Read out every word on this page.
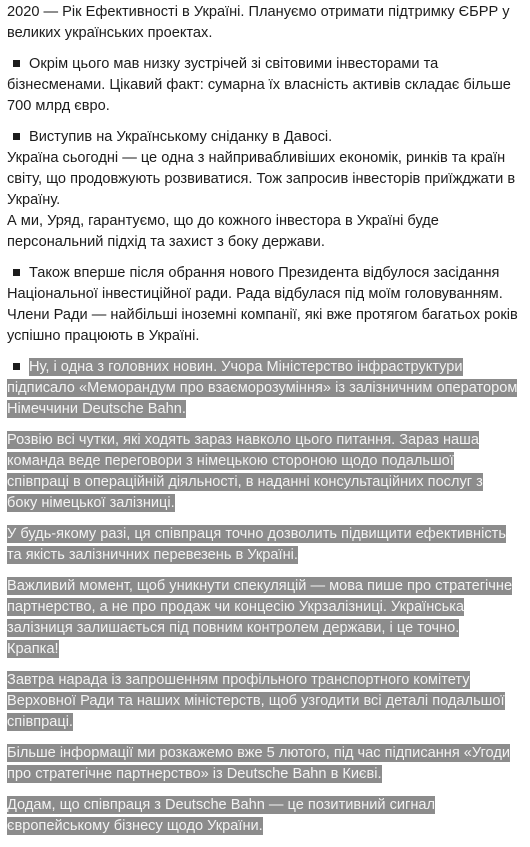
2020 — Рік Ефективності в Україні. Плануємо отримати підтримку ЄБРР у
великих українських проектах.
Окрім цього мав низку зустрічей зі світовими інвесторами та
бізнесменами. Цікавий факт: сумарна їх власність активів складає більше
700 млрд євро.
Виступив на Українському сніданку в Давосі.
Україна сьогодні — це одна з найпривабливіших економік, ринків та країн
світу, що продовжують розвиватися. Тож запросив інвесторів приїжджати в
Україну.
А ми, Уряд, гарантуємо, що до кожного інвестора в Україні буде
персональний підхід та захист з боку держави.
Також вперше після обрання нового Президента відбулося засідання
Національної інвестиційної ради. Рада відбулася під моїм головуванням.
Члени Ради — найбільші іноземні компанії, які вже протягом багатьох років
успішно працюють в Україні.
Ну, і одна з головних новин. Учора Міністерство інфраструктури
підписало «Меморандум про взаєморозуміння» із залізничним оператором
Німеччини Deutsche Bahn.
Розвію всі чутки, які ходять зараз навколо цього питання. Зараз наша
команда веде переговори з німецькою стороною щодо подальшої
співпраці в операційній діяльності, в наданні консультаційних послуг з
боку німецької залізниці.
У будь-якому разі, ця співпраця точно дозволить підвищити ефективність
та якість залізничних перевезень в Україні.
Важливий момент, щоб уникнути спекуляцій — мова пише про стратегічне
партнерство, а не про продаж чи концесію Укрзалізниці. Українська
залізниця залишається під повним контролем держави, і це точно.
Крапка!
Завтра нарада із запрошенням профільного транспортного комітету
Верховної Ради та наших міністерств, щоб узгодити всі деталі подальшої
співпраці.
Більше інформації ми розкажемо вже 5 лютого, під час підписання «Угоди
про стратегічне партнерство» із Deutsche Bahn в Києві.
Додам, що співпраця з Deutsche Bahn — це позитивний сигнал
європейському бізнесу щодо України.
